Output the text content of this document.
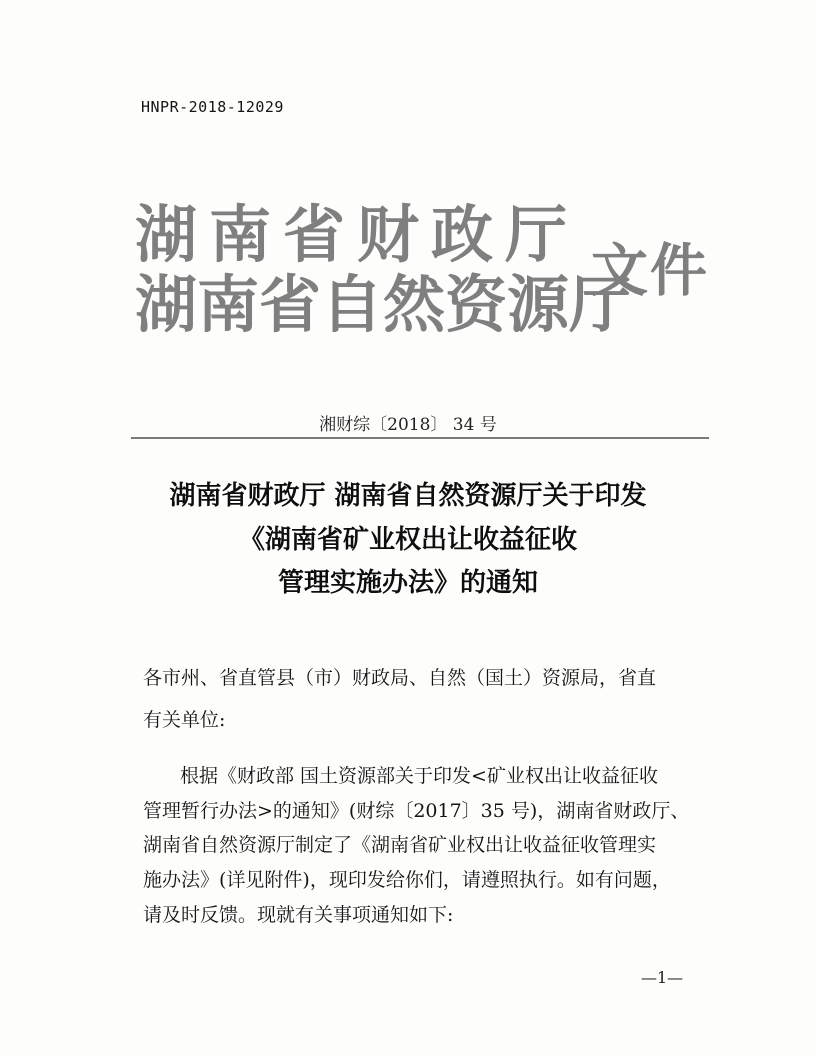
HNPR-2018-12029
湖南省财政厅
湖南省自然资源厅
文件
湘财综〔2018〕 34 号
湖南省财政厅 湖南省自然资源厅关于印发
《湖南省矿业权出让收益征收
管理实施办法》的通知
各市州、省直管县（市）财政局、自然（国土）资源局，省直
有关单位:
根据《财政部 国土资源部关于印发<矿业权出让收益征收
管理暂行办法>的通知》(财综〔2017〕35 号)，湖南省财政厅、
湖南省自然资源厅制定了《湖南省矿业权出让收益征收管理实
施办法》(详见附件)，现印发给你们，请遵照执行。如有问题，
请及时反馈。现就有关事项通知如下:
—1—
